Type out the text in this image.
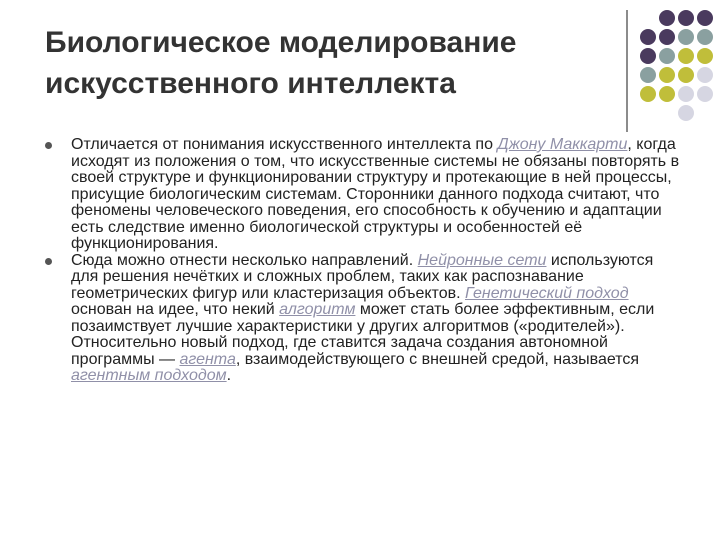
Биологическое моделирование
искусственного интеллекта
Отличается от понимания искусственного интеллекта по Джону Маккарти, когда исходят из положения о том, что искусственные системы не обязаны повторять в своей структуре и функционировании структуру и протекающие в ней процессы, присущие биологическим системам. Сторонники данного подхода считают, что феномены человеческого поведения, его способность к обучению и адаптации есть следствие именно биологической структуры и особенностей её функционирования.
Сюда можно отнести несколько направлений. Нейронные сети используются для решения нечётких и сложных проблем, таких как распознавание геометрических фигур или кластеризация объектов. Генетический подход основан на идее, что некий алгоритм может стать более эффективным, если позаимствует лучшие характеристики у других алгоритмов («родителей»). Относительно новый подход, где ставится задача создания автономной программы — агента, взаимодействующего с внешней средой, называется агентным подходом.
